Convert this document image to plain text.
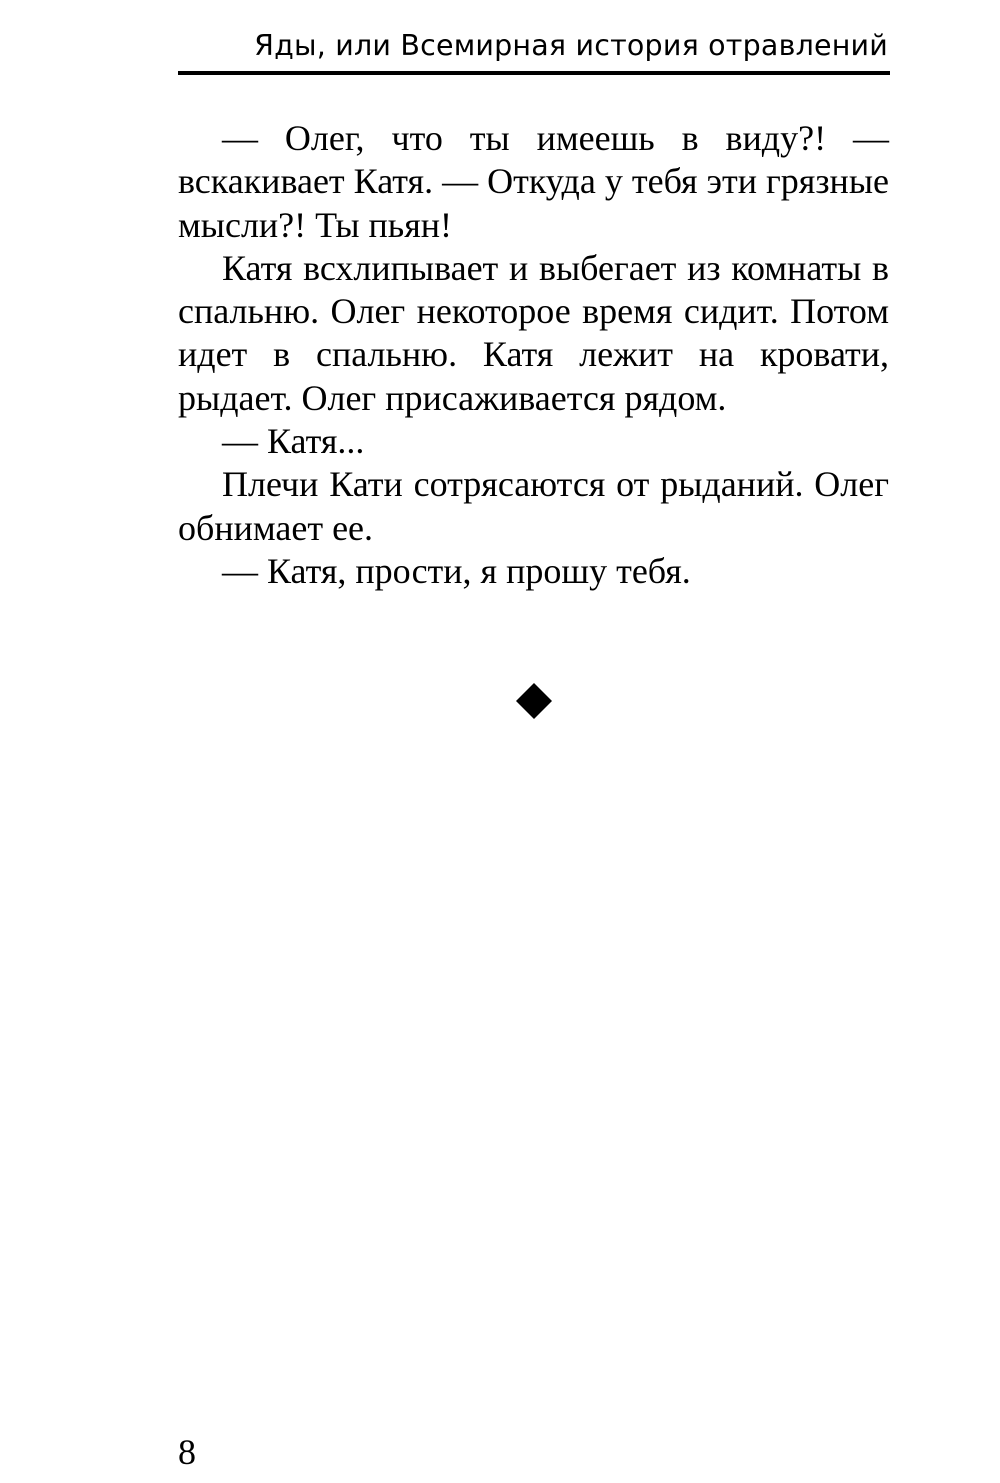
Яды, или Всемирная история отравлений

— Олег, что ты имеешь в виду?! — вскакивает Катя. — Откуда у тебя эти грязные мысли?! Ты пьян!

Катя всхлипывает и выбегает из комнаты в спальню. Олег некоторое время сидит. Потом идет в спальню. Катя лежит на кровати, рыдает. Олег присаживается рядом.

— Катя...

Плечи Кати сотрясаются от рыданий. Олег обнимает ее.

— Катя, прости, я прошу тебя.

8
